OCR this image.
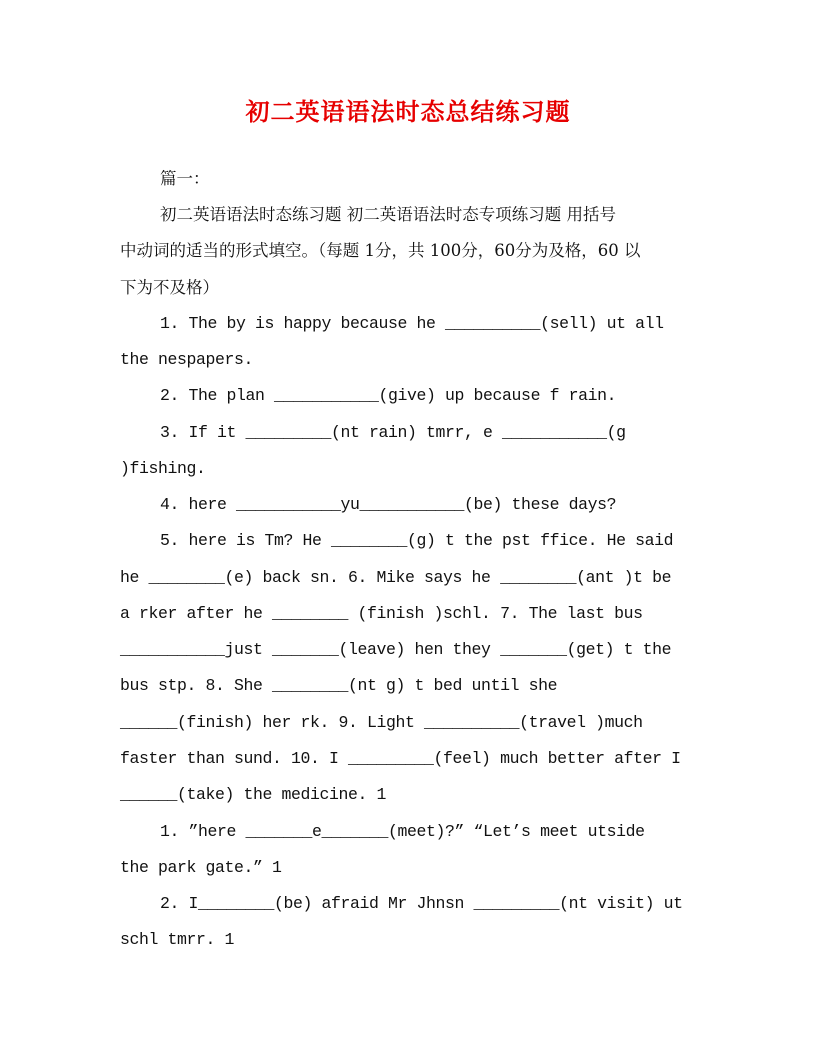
初二英语语法时态总结练习题
篇一：
初二英语语法时态练习题 初二英语语法时态专项练习题 用括号
中动词的适当的形式填空。（每题 1分，共 100分，60分为及格，60 以
下为不及格）
1. The by is happy because he __________(sell) ut all
the nespapers.
2. The plan ___________(give) up because f rain.
3. If it _________(nt rain) tmrr, e ___________(g
)fishing.
4. here ___________yu___________(be) these days?
5. here is Tm? He ________(g) t the pst ffice. He said
he ________(e) back sn. 6. Mike says he ________(ant )t be
a rker after he ________ (finish )schl. 7. The last bus
___________just _______(leave) hen they _______(get) t the
bus stp. 8. She ________(nt g) t bed until she
______(finish) her rk. 9. Light __________(travel )much
faster than sund. 10. I _________(feel) much better after I
______(take) the medicine. 1
1. ”here _______e_______(meet)?” “Let’s meet utside
the park gate.” 1
2. I________(be) afraid Mr Jhnsn _________(nt visit) ut
schl tmrr. 1
